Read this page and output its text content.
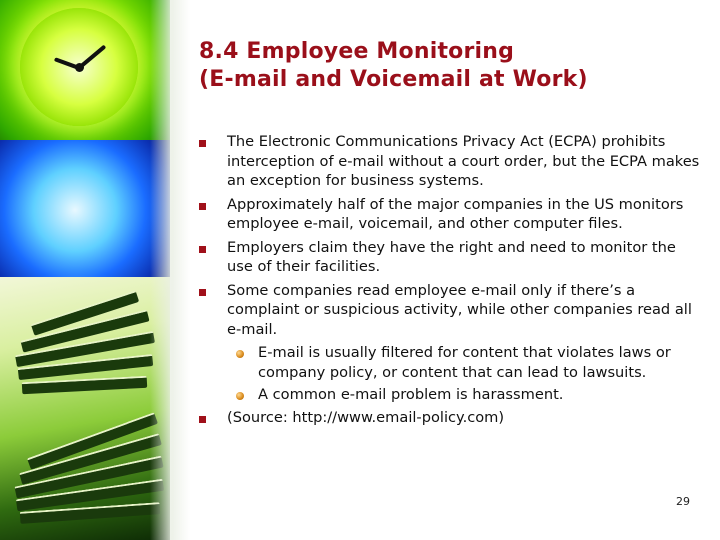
8.4 Employee Monitoring
(E-mail and Voicemail at Work)
The Electronic Communications Privacy Act (ECPA) prohibits interception of e-mail without a court order, but the ECPA makes an exception for business systems.
Approximately half of the major companies in the US monitors employee e-mail, voicemail, and other computer files.
Employers claim they have the right and need to monitor the use of their facilities.
Some companies read employee e-mail only if there’s a complaint or suspicious activity, while other companies read all e-mail.
E-mail is usually filtered for content that violates laws or company policy, or content that can lead to lawsuits.
A common e-mail problem is harassment.
(Source: http://www.email-policy.com)
29
